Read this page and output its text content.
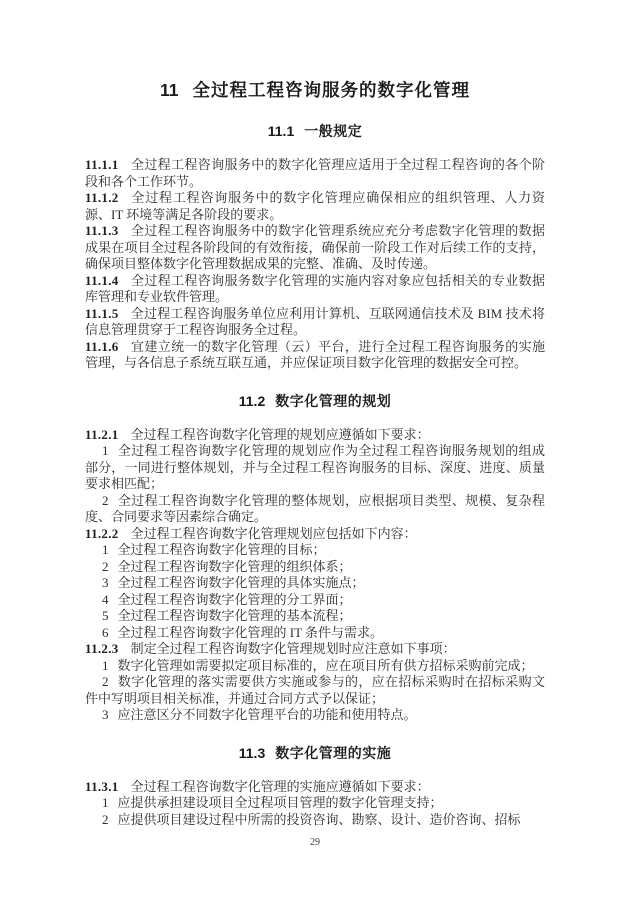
11 全过程工程咨询服务的数字化管理
11.1 一般规定

11.1.1 全过程工程咨询服务中的数字化管理应适用于全过程工程咨询的各个阶段和各个工作环节。

11.1.2 全过程工程咨询服务中的数字化管理应确保相应的组织管理、人力资源、IT 环境等满足各阶段的要求。

11.1.3 全过程工程咨询服务中的数字化管理系统应充分考虑数字化管理的数据成果在项目全过程各阶段间的有效衔接，确保前一阶段工作对后续工作的支持，确保项目整体数字化管理数据成果的完整、准确、及时传递。

11.1.4 全过程工程咨询服务数字化管理的实施内容对象应包括相关的专业数据库管理和专业软件管理。

11.1.5 全过程工程咨询服务单位应利用计算机、互联网通信技术及 BIM 技术将信息管理贯穿于工程咨询服务全过程。

11.1.6 宜建立统一的数字化管理（云）平台，进行全过程工程咨询服务的实施管理，与各信息子系统互联互通，并应保证项目数字化管理的数据安全可控。

11.2 数字化管理的规划

11.2.1 全过程工程咨询数字化管理的规划应遵循如下要求：

1 全过程工程咨询数字化管理的规划应作为全过程工程咨询服务规划的组成部分，一同进行整体规划，并与全过程工程咨询服务的目标、深度、进度、质量要求相匹配；

2 全过程工程咨询数字化管理的整体规划，应根据项目类型、规模、复杂程度、合同要求等因素综合确定。

11.2.2 全过程工程咨询数字化管理规划应包括如下内容：

1 全过程工程咨询数字化管理的目标；

2 全过程工程咨询数字化管理的组织体系；

3 全过程工程咨询数字化管理的具体实施点；

4 全过程工程咨询数字化管理的分工界面；

5 全过程工程咨询数字化管理的基本流程；

6 全过程工程咨询数字化管理的 IT 条件与需求。

11.2.3 制定全过程工程咨询数字化管理规划时应注意如下事项：

1 数字化管理如需要拟定项目标准的，应在项目所有供方招标采购前完成；

2 数字化管理的落实需要供方实施或参与的，应在招标采购时在招标采购文件中写明项目相关标准，并通过合同方式予以保证；

3 应注意区分不同数字化管理平台的功能和使用特点。

11.3 数字化管理的实施

11.3.1 全过程工程咨询数字化管理的实施应遵循如下要求：

1 应提供承担建设项目全过程项目管理的数字化管理支持；

2 应提供项目建设过程中所需的投资咨询、勘察、设计、造价咨询、招标

29
